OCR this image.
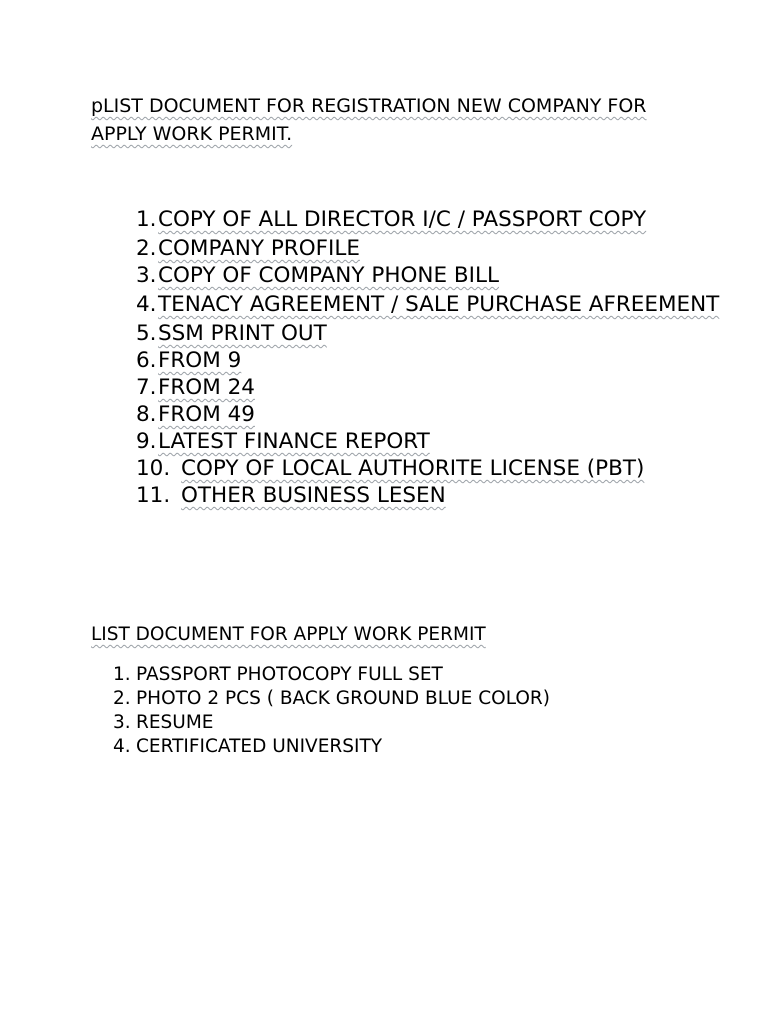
pLIST DOCUMENT FOR REGISTRATION NEW COMPANY FOR APPLY WORK PERMIT.
1. COPY OF ALL DIRECTOR I/C / PASSPORT COPY
2. COMPANY PROFILE
3. COPY OF COMPANY PHONE BILL
4. TENACY AGREEMENT / SALE PURCHASE AFREEMENT
5. SSM PRINT OUT
6. FROM 9
7. FROM 24
8. FROM 49
9. LATEST FINANCE REPORT
10. COPY OF LOCAL AUTHORITE LICENSE (PBT)
11. OTHER BUSINESS LESEN
LIST DOCUMENT FOR APPLY WORK PERMIT
1. PASSPORT PHOTOCOPY FULL SET
2. PHOTO 2 PCS ( BACK GROUND BLUE COLOR)
3. RESUME
4. CERTIFICATED UNIVERSITY
